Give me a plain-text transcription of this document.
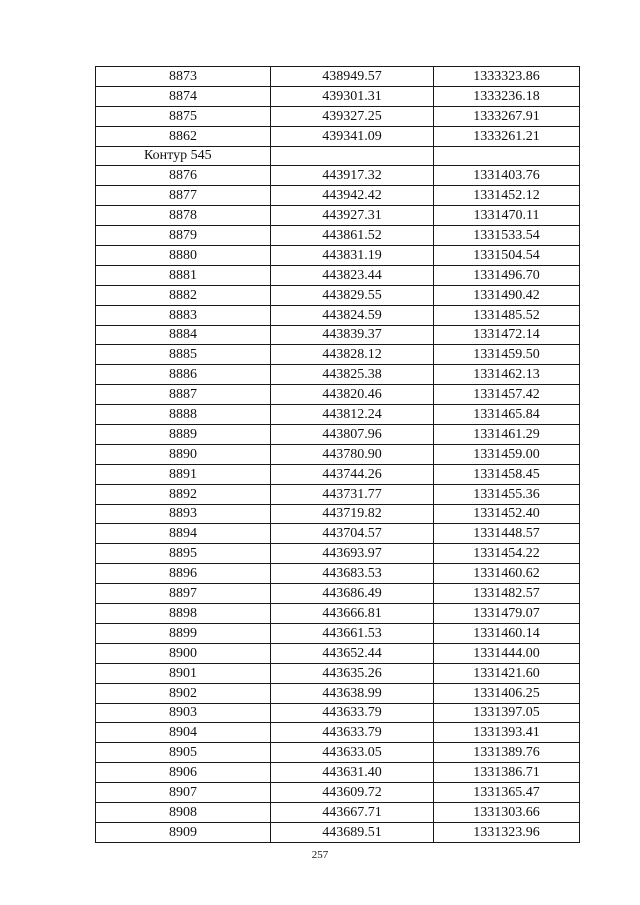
8873	438949.57	1333323.86
8874	439301.31	1333236.18
8875	439327.25	1333267.91
8862	439341.09	1333261.21
Контур 545		
8876	443917.32	1331403.76
8877	443942.42	1331452.12
8878	443927.31	1331470.11
8879	443861.52	1331533.54
8880	443831.19	1331504.54
8881	443823.44	1331496.70
8882	443829.55	1331490.42
8883	443824.59	1331485.52
8884	443839.37	1331472.14
8885	443828.12	1331459.50
8886	443825.38	1331462.13
8887	443820.46	1331457.42
8888	443812.24	1331465.84
8889	443807.96	1331461.29
8890	443780.90	1331459.00
8891	443744.26	1331458.45
8892	443731.77	1331455.36
8893	443719.82	1331452.40
8894	443704.57	1331448.57
8895	443693.97	1331454.22
8896	443683.53	1331460.62
8897	443686.49	1331482.57
8898	443666.81	1331479.07
8899	443661.53	1331460.14
8900	443652.44	1331444.00
8901	443635.26	1331421.60
8902	443638.99	1331406.25
8903	443633.79	1331397.05
8904	443633.79	1331393.41
8905	443633.05	1331389.76
8906	443631.40	1331386.71
8907	443609.72	1331365.47
8908	443667.71	1331303.66
8909	443689.51	1331323.96
257
